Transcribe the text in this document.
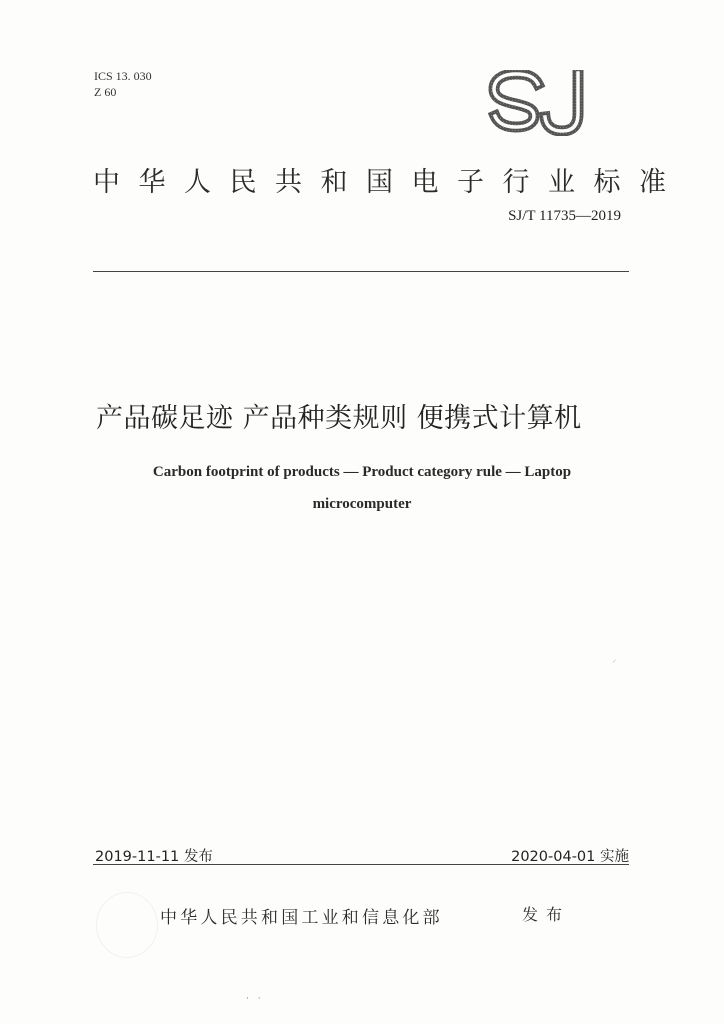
ICS 13. 030
Z 60
中华人民共和国电子行业标准
SJ/T 11735—2019
产品碳足迹 产品种类规则 便携式计算机
Carbon footprint of products — Product category rule — Laptop
microcomputer
⸝
2019-11-11 发布	2020-04-01 实施
中华人民共和国工业和信息化部	发布
· ·
